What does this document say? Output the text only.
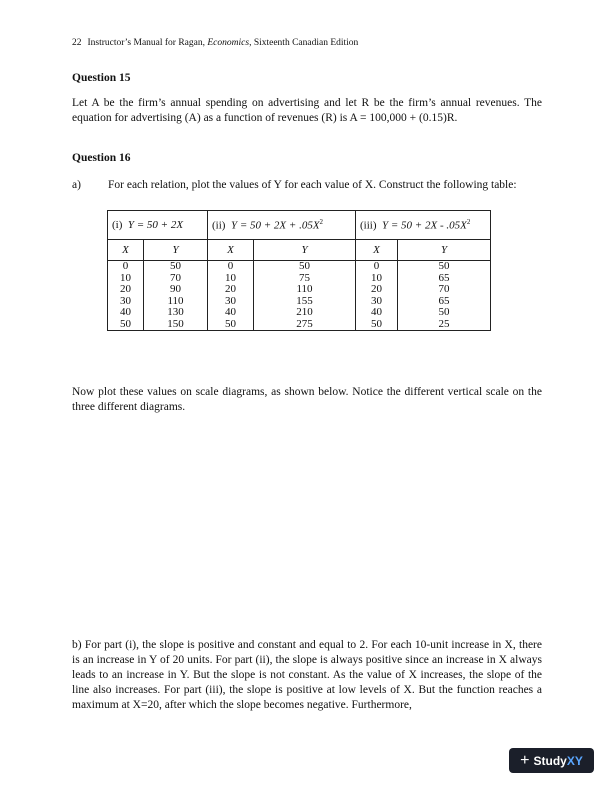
22 Instructor’s Manual for Ragan, Economics, Sixteenth Canadian Edition
Question 15
Let A be the firm’s annual spending on advertising and let R be the firm’s annual revenues. The equation for advertising (A) as a function of revenues (R) is A = 100,000 + (0.15)R.
Question 16
a) For each relation, plot the values of Y for each value of X. Construct the following table:
(i) Y = 50 + 2X		(ii) $Y = 50 + 2X + .05X^2$		(iii) $Y = 50 + 2X - .05X^2$
X	Y	X	Y	X	Y
0	50	0	50	0	50
10	70	10	75	10	65
20	90	20	110	20	70
30	110	30	155	30	65
40	130	40	210	40	50
50	150	50	275	50	25
Now plot these values on scale diagrams, as shown below. Notice the different vertical scale on the three different diagrams.
b) For part (i), the slope is positive and constant and equal to 2. For each 10-unit increase in X, there is an increase in Y of 20 units. For part (ii), the slope is always positive since an increase in X always leads to an increase in Y. But the slope is not constant. As the value of X increases, the slope of the line also increases. For part (iii), the slope is positive at low levels of X. But the function reaches a maximum at X=20, after which the slope becomes negative. Furthermore,
+ Study XY
